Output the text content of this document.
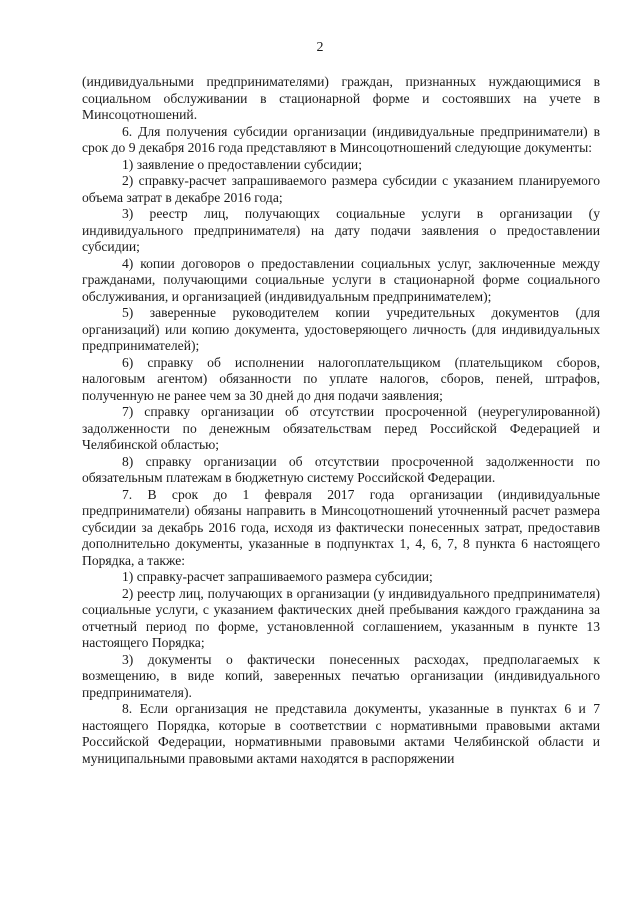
2

(индивидуальными предпринимателями) граждан, признанных нуждающимися в социальном обслуживании в стационарной форме и состоявших на учете в Минсоцотношений.

6. Для получения субсидии организации (индивидуальные предприниматели) в срок до 9 декабря 2016 года представляют в Минсоцотношений следующие документы:

1) заявление о предоставлении субсидии;

2) справку-расчет запрашиваемого размера субсидии с указанием планируемого объема затрат в декабре 2016 года;

3) реестр лиц, получающих социальные услуги в организации (у индивидуального предпринимателя) на дату подачи заявления о предоставлении субсидии;

4) копии договоров о предоставлении социальных услуг, заключенные между гражданами, получающими социальные услуги в стационарной форме социального обслуживания, и организацией (индивидуальным предпринимателем);

5) заверенные руководителем копии учредительных документов (для организаций) или копию документа, удостоверяющего личность (для индивидуальных предпринимателей);

6) справку об исполнении налогоплательщиком (плательщиком сборов, налоговым агентом) обязанности по уплате налогов, сборов, пеней, штрафов, полученную не ранее чем за 30 дней до дня подачи заявления;

7) справку организации об отсутствии просроченной (неурегулированной) задолженности по денежным обязательствам перед Российской Федерацией и Челябинской областью;

8) справку организации об отсутствии просроченной задолженности по обязательным платежам в бюджетную систему Российской Федерации.

7. В срок до 1 февраля 2017 года организации (индивидуальные предприниматели) обязаны направить в Минсоцотношений уточненный расчет размера субсидии за декабрь 2016 года, исходя из фактически понесенных затрат, предоставив дополнительно документы, указанные в подпунктах 1, 4, 6, 7, 8 пункта 6 настоящего Порядка, а также:

1) справку-расчет запрашиваемого размера субсидии;

2) реестр лиц, получающих в организации (у индивидуального предпринимателя) социальные услуги, с указанием фактических дней пребывания каждого гражданина за отчетный период по форме, установленной соглашением, указанным в пункте 13 настоящего Порядка;

3) документы о фактически понесенных расходах, предполагаемых к возмещению, в виде копий, заверенных печатью организации (индивидуального предпринимателя).

8. Если организация не представила документы, указанные в пунктах 6 и 7 настоящего Порядка, которые в соответствии с нормативными правовыми актами Российской Федерации, нормативными правовыми актами Челябинской области и муниципальными правовыми актами находятся в распоряжении
